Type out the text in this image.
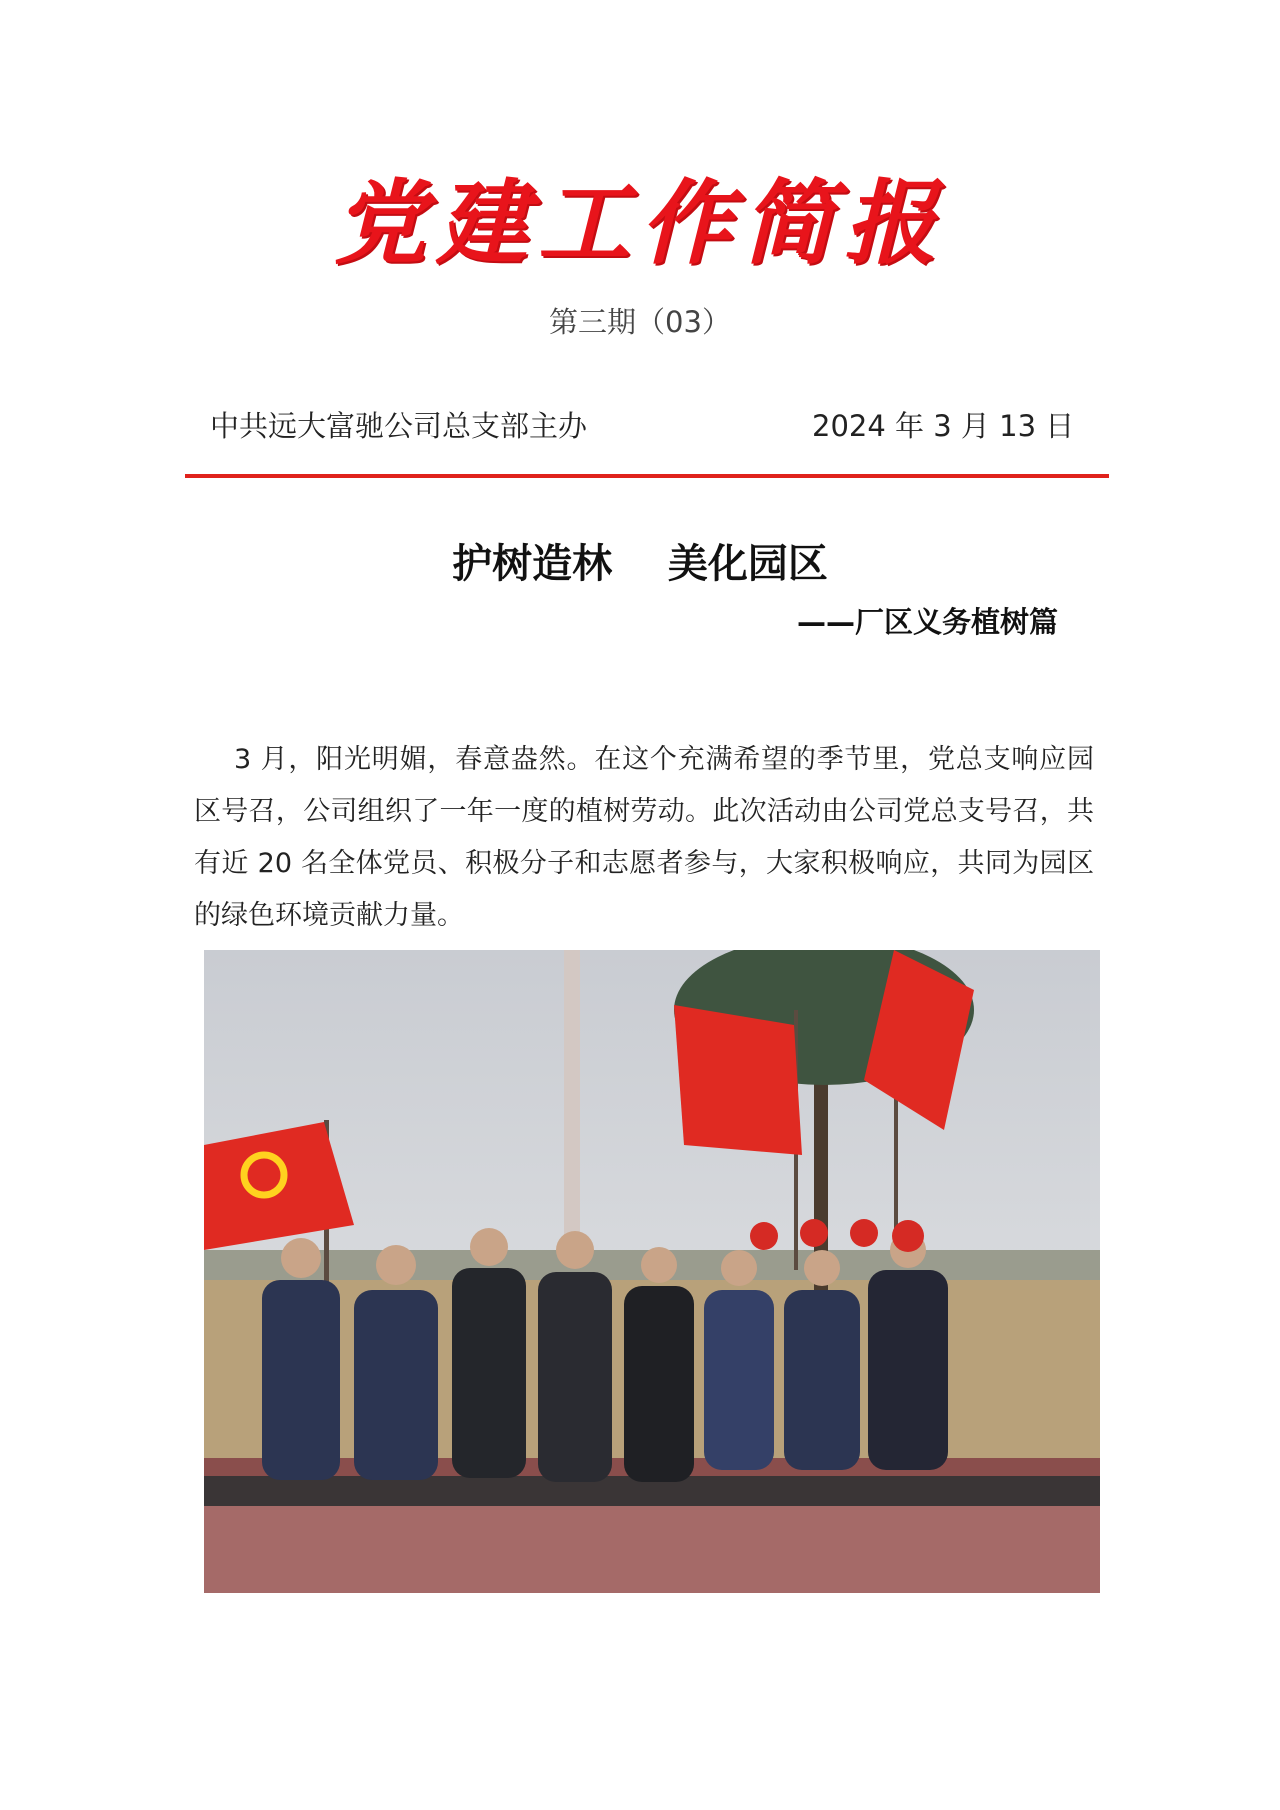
党建工作简报
第三期（03）
中共远大富驰公司总支部主办	2024 年 3 月 13 日
护树造林    美化园区
——厂区义务植树篇
3 月，阳光明媚，春意盎然。在这个充满希望的季节里，党总支响应园区号召，公司组织了一年一度的植树劳动。此次活动由公司党总支号召，共有近 20 名全体党员、积极分子和志愿者参与，大家积极响应，共同为园区的绿色环境贡献力量。
